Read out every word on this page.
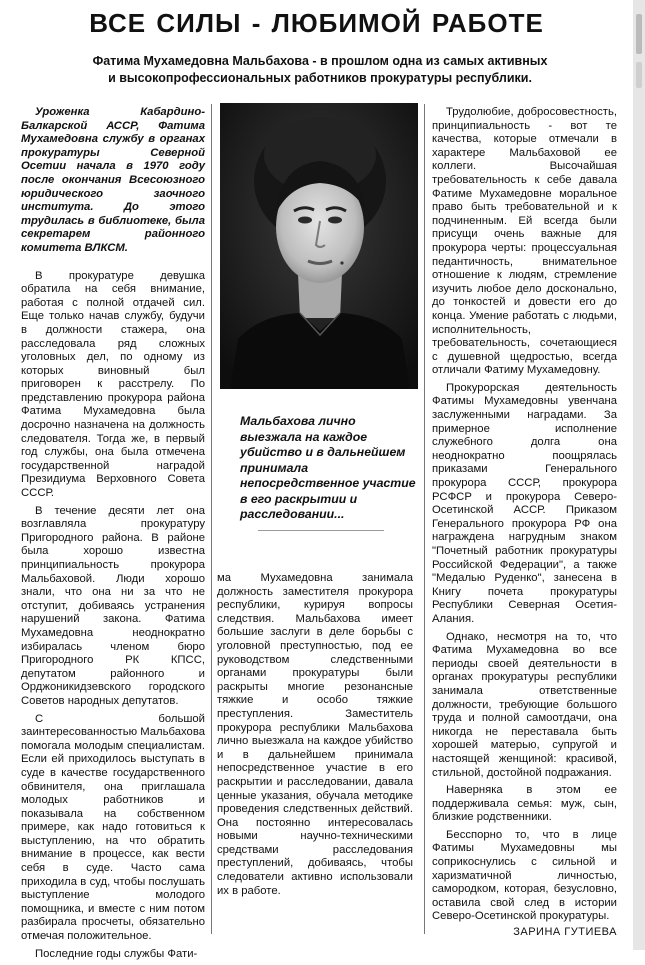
ВСЕ СИЛЫ - ЛЮБИМОЙ РАБОТЕ
Фатима Мухамедовна Мальбахова - в прошлом одна из самых активных
и высокопрофессиональных работников прокуратуры республики.

Уроженка Кабардино-Балкарской АССР, Фатима Мухамедовна службу в органах прокуратуры Северной Осетии начала в 1970 году после окончания Всесоюзного юридического заочного института. До этого трудилась в библиотеке, была секретарем районного комитета ВЛКСМ.

В прокуратуре девушка обратила на себя внимание, работая с полной отдачей сил. Еще только начав службу, будучи в должности стажера, она расследовала ряд сложных уголовных дел, по одному из которых виновный был приговорен к расстрелу. По представлению прокурора района Фатима Мухамедовна была досрочно назначена на должность следователя. Тогда же, в первый год службы, она была отмечена государственной наградой Президиума Верховного Совета СССР.

В течение десяти лет она возглавляла прокуратуру Пригородного района. В районе была хорошо известна принципиальность прокурора Мальбаховой. Люди хорошо знали, что она ни за что не отступит, добиваясь устранения нарушений закона. Фатима Мухамедовна неоднократно избиралась членом бюро Пригородного РК КПСС, депутатом районного и Орджоникидзевского городского Советов народных депутатов.

С большой заинтересованностью Мальбахова помогала молодым специалистам. Если ей приходилось выступать в суде в качестве государственного обвинителя, она приглашала молодых работников и показывала на собственном примере, как надо готовиться к выступлению, на что обратить внимание в процессе, как вести себя в суде. Часто сама приходила в суд, чтобы послушать выступление молодого помощника, и вместе с ним потом разбирала просчеты, обязательно отмечая положительное.

Последние годы службы Фати-

Мальбахова лично выезжала на каждое убийство и в дальнейшем принимала непосредственное участие в его раскрытии и расследовании...

ма Мухамедовна занимала должность заместителя прокурора республики, курируя вопросы следствия. Мальбахова имеет большие заслуги в деле борьбы с уголовной преступностью, под ее руководством следственными органами прокуратуры были раскрыты многие резонансные тяжкие и особо тяжкие преступления. Заместитель прокурора республики Мальбахова лично выезжала на каждое убийство и в дальнейшем принимала непосредственное участие в его раскрытии и расследовании, давала ценные указания, обучала методике проведения следственных действий. Она постоянно интересовалась новыми научно-техническими средствами расследования преступлений, добиваясь, чтобы следователи активно использовали их в работе.

Трудолюбие, добросовестность, принципиальность - вот те качества, которые отмечали в характере Мальбаховой ее коллеги. Высочайшая требовательность к себе давала Фатиме Мухамедовне моральное право быть требовательной и к подчиненным. Ей всегда были присущи очень важные для прокурора черты: процессуальная педантичность, внимательное отношение к людям, стремление изучить любое дело досконально, до тонкостей и довести его до конца. Умение работать с людьми, исполнительность, требовательность, сочетающиеся с душевной щедростью, всегда отличали Фатиму Мухамедовну.

Прокурорская деятельность Фатимы Мухамедовны увенчана заслуженными наградами. За примерное исполнение служебного долга она неоднократно поощрялась приказами Генерального прокурора СССР, прокурора РСФСР и прокурора Северо-Осетинской АССР. Приказом Генерального прокурора РФ она награждена нагрудным знаком "Почетный работник прокуратуры Российской Федерации", а также "Медалью Руденко", занесена в Книгу почета прокуратуры Республики Северная Осетия-Алания.

Однако, несмотря на то, что Фатима Мухамедовна во все периоды своей деятельности в органах прокуратуры республики занимала ответственные должности, требующие большого труда и полной самоотдачи, она никогда не переставала быть хорошей матерью, супругой и настоящей женщиной: красивой, стильной, достойной подражания.

Наверняка в этом ее поддерживала семья: муж, сын, близкие родственники.

Бесспорно то, что в лице Фатимы Мухамедовны мы соприкоснулись с сильной и харизматичной личностью, самородком, которая, безусловно, оставила свой след в истории Северо-Осетинской прокуратуры.

ЗАРИНА ГУТИЕВА
